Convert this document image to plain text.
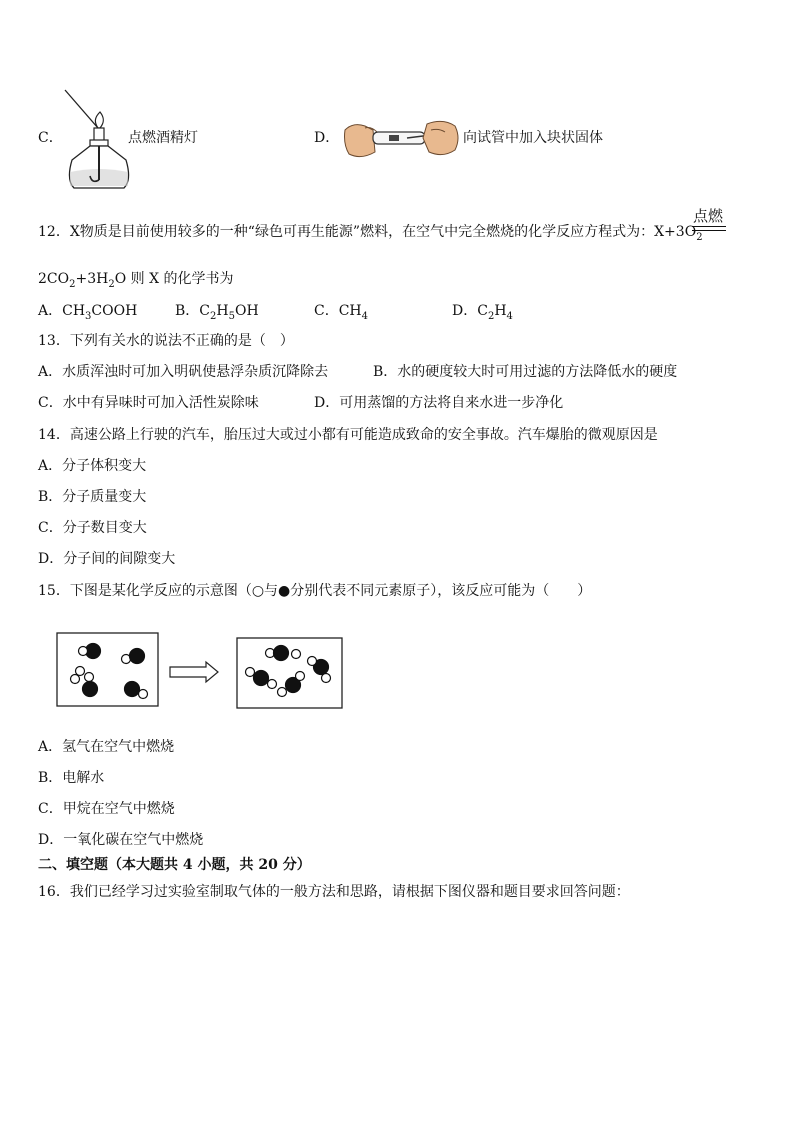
C．	点燃酒精灯	D．	向试管中加入块状固体
12．X物质是目前使用较多的一种“绿色可再生能源”燃料，在空气中完全燃烧的化学反应方程式为：$X+3O_2$
点燃
$2CO_2+3H_2O$ 则 X 的化学书为
A．$CH_3COOH$	B．$C_2H_5OH$	C．$CH_4$	D．$C_2H_4$
13．下列有关水的说法不正确的是（　）
A．水质浑浊时可加入明矾使悬浮杂质沉降除去	B．水的硬度较大时可用过滤的方法降低水的硬度
C．水中有异味时可加入活性炭除味	D．可用蒸馏的方法将自来水进一步净化
14．高速公路上行驶的汽车，胎压过大或过小都有可能造成致命的安全事故。汽车爆胎的微观原因是
A．分子体积变大
B．分子质量变大
C．分子数目变大
D．分子间的间隙变大
15．下图是某化学反应的示意图（○与●分别代表不同元素原子），该反应可能为（　　）
A．氢气在空气中燃烧
B．电解水
C．甲烷在空气中燃烧
D．一氧化碳在空气中燃烧
二、填空题（本大题共 4 小题，共 20 分）
16．我们已经学习过实验室制取气体的一般方法和思路，请根据下图仪器和题目要求回答问题：
